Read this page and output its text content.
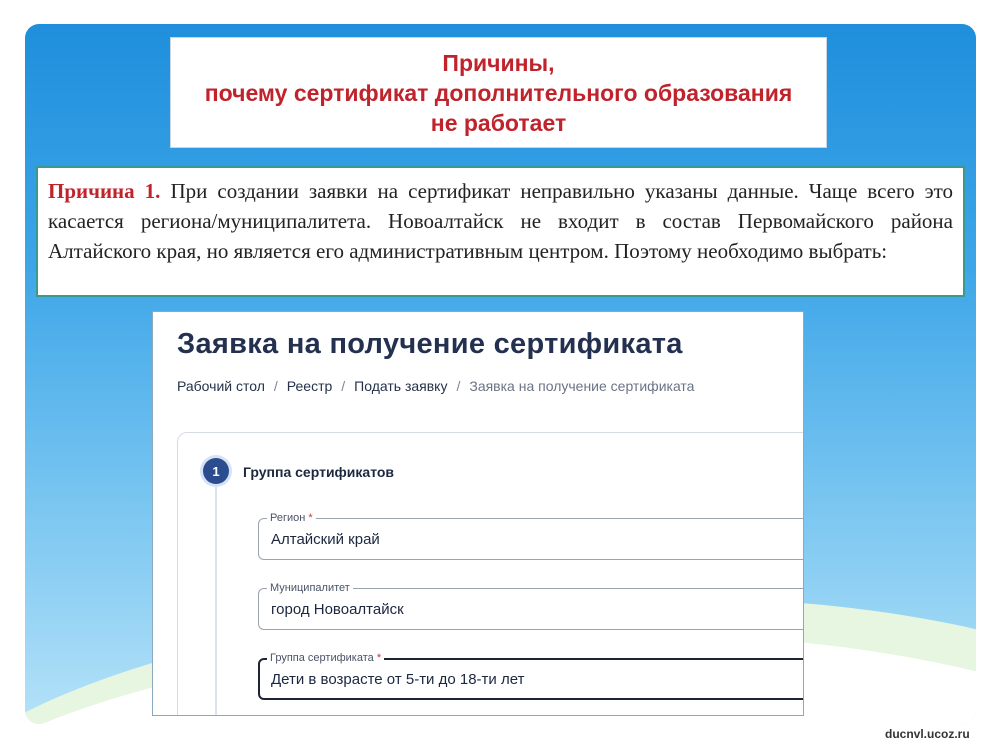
Причины,
почему сертификат дополнительного образования
не работает
Причина 1. При создании заявки на сертификат неправильно указаны данные. Чаще всего это касается региона/муниципалитета. Новоалтайск не входит в состав Первомайского района Алтайского края, но является его административным центром. Поэтому необходимо выбрать:
Заявка на получение сертификата
Рабочий стол / Реестр / Подать заявку / Заявка на получение сертификата
1	Группа сертификатов
Регион *
Алтайский край
Муниципалитет
город Новоалтайск
Группа сертификата *
Дети в возрасте от 5-ти до 18-ти лет
ducnvl.ucoz.ru
